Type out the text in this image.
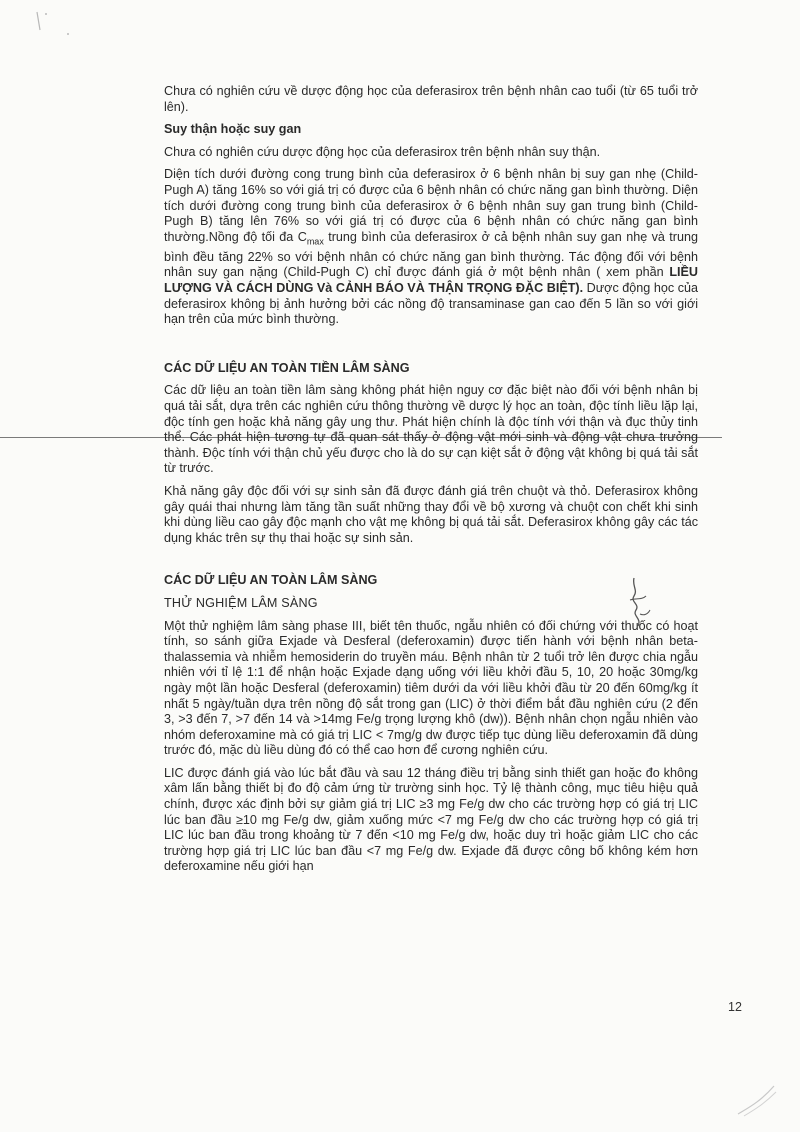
Chưa có nghiên cứu về dược động học của deferasirox trên bệnh nhân cao tuổi (từ 65 tuổi trở lên).

Suy thận hoặc suy gan

Chưa có nghiên cứu dược động học của deferasirox trên bệnh nhân suy thận.

Diện tích dưới đường cong trung bình của deferasirox ở 6 bệnh nhân bị suy gan nhẹ (Child-Pugh A) tăng 16% so với giá trị có được của 6 bệnh nhân có chức năng gan bình thường. Diện tích dưới đường cong trung bình của deferasirox ở 6 bệnh nhân suy gan trung bình (Child-Pugh B) tăng lên 76% so với giá trị có được của 6 bệnh nhân có chức năng gan bình thường.Nồng độ tối đa $C_{max}$ trung bình của deferasirox ở cả bệnh nhân suy gan nhẹ và trung bình đều tăng 22% so với bệnh nhân có chức năng gan bình thường. Tác động đối với bệnh nhân suy gan nặng (Child-Pugh C) chỉ được đánh giá ở một bệnh nhân ( xem phần LIỀU LƯỢNG VÀ CÁCH DÙNG Và CẢNH BÁO VÀ THẬN TRỌNG ĐẶC BIỆT). Dược động học của deferasirox không bị ảnh hưởng bởi các nồng độ transaminase gan cao đến 5 lần so với giới hạn trên của mức bình thường.

CÁC DỮ LIỆU AN TOÀN TIỀN LÂM SÀNG

Các dữ liệu an toàn tiền lâm sàng không phát hiện nguy cơ đặc biệt nào đối với bệnh nhân bị quá tải sắt, dựa trên các nghiên cứu thông thường về dược lý học an toàn, độc tính liều lặp lại, độc tính gen hoặc khả năng gây ung thư. Phát hiện chính là độc tính với thận và đục thủy tinh thể. Các phát hiện tương tự đã quan sát thấy ở động vật mới sinh và động vật chưa trưởng thành. Độc tính với thận chủ yếu được cho là do sự cạn kiệt sắt ở động vật không bị quá tải sắt từ trước.

Khả năng gây độc đối với sự sinh sản đã được đánh giá trên chuột và thỏ. Deferasirox không gây quái thai nhưng làm tăng tần suất những thay đổi về bộ xương và chuột con chết khi sinh khi dùng liều cao gây độc mạnh cho vật mẹ không bị quá tải sắt. Deferasirox không gây các tác dụng khác trên sự thụ thai hoặc sự sinh sản.

CÁC DỮ LIỆU AN TOÀN LÂM SÀNG

THỬ NGHIỆM LÂM SÀNG

Một thử nghiệm lâm sàng phase III, biết tên thuốc, ngẫu nhiên có đối chứng với thuốc có hoạt tính, so sánh giữa Exjade và Desferal (deferoxamin) được tiến hành với bệnh nhân beta-thalassemia và nhiễm hemosiderin do truyền máu. Bệnh nhân từ 2 tuổi trở lên được chia ngẫu nhiên với tỉ lệ 1:1 để nhận hoặc Exjade dạng uống với liều khởi đầu 5, 10, 20 hoặc 30mg/kg ngày một lần hoặc Desferal (deferoxamin) tiêm dưới da với liều khởi đầu từ 20 đến 60mg/kg ít nhất 5 ngày/tuần dựa trên nồng độ sắt trong gan (LIC) ở thời điểm bắt đầu nghiên cứu (2 đến 3, >3 đến 7, >7 đến 14 và >14mg Fe/g trọng lượng khô (dw)). Bệnh nhân chọn ngẫu nhiên vào nhóm deferoxamine mà có giá trị LIC < 7mg/g dw được tiếp tục dùng liều deferoxamin đã dùng trước đó, mặc dù liều dùng đó có thể cao hơn để cương nghiên cứu.

LIC được đánh giá vào lúc bắt đầu và sau 12 tháng điều trị bằng sinh thiết gan hoặc đo không xâm lấn bằng thiết bị đo độ cảm ứng từ trường sinh học. Tỷ lệ thành công, mục tiêu hiệu quả chính, được xác định bởi sự giảm giá trị LIC ≥3 mg Fe/g dw cho các trường hợp có giá trị LIC lúc ban đầu ≥10 mg Fe/g dw, giảm xuống mức <7 mg Fe/g dw cho các trường hợp có giá trị LIC lúc ban đầu trong khoảng từ 7 đến <10 mg Fe/g dw, hoặc duy trì hoặc giảm LIC cho các trường hợp giá trị LIC lúc ban đầu <7 mg Fe/g dw. Exjade đã được công bố không kém hơn deferoxamine nếu giới hạn

12
